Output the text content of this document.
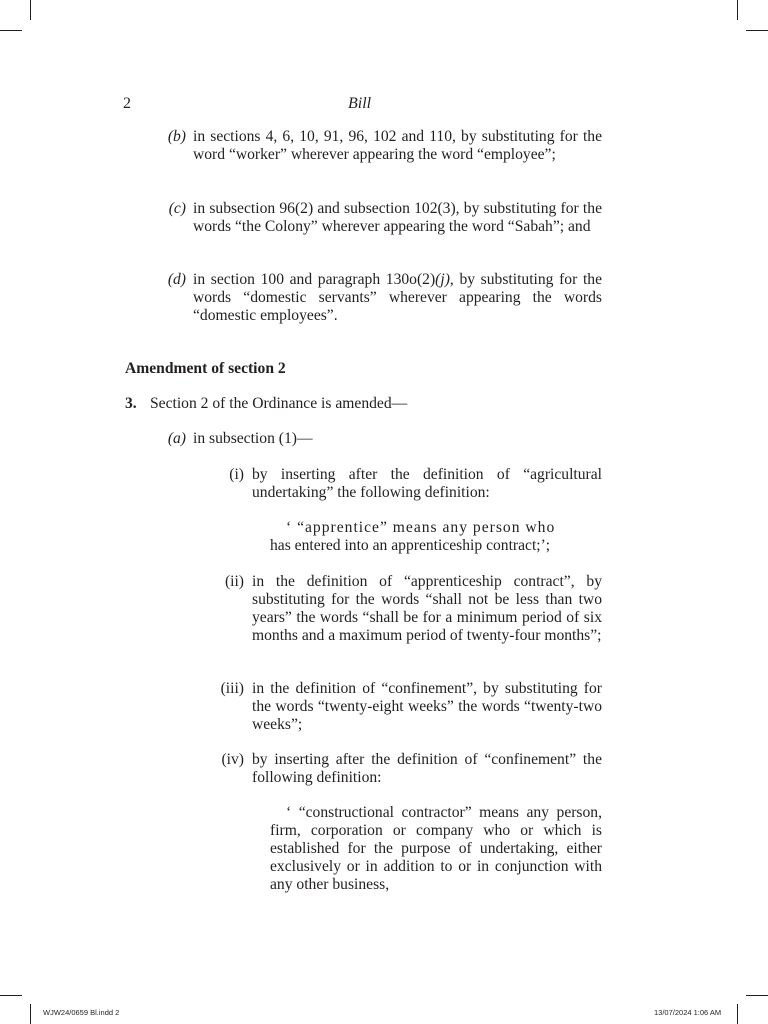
2	Bill
(b) in sections 4, 6, 10, 91, 96, 102 and 110, by substituting for the word “worker” wherever appearing the word “employee”;
(c) in subsection 96(2) and subsection 102(3), by substituting for the words “the Colony” wherever appearing the word “Sabah”; and
(d) in section 100 and paragraph 130o(2)(j), by substituting for the words “domestic servants” wherever appearing the words “domestic employees”.
Amendment of section 2
3. Section 2 of the Ordinance is amended—
(a) in subsection (1)—
(i) by inserting after the definition of “agricultural undertaking” the following definition:
‘ “apprentice” means any person who
has entered into an apprenticeship contract;’;
(ii) in the definition of “apprenticeship contract”, by substituting for the words “shall not be less than two years” the words “shall be for a minimum period of six months and a maximum period of twenty-four months”;
(iii) in the definition of “confinement”, by substituting for the words “twenty-eight weeks” the words “twenty-two weeks”;
(iv) by inserting after the definition of “confinement” the following definition:
‘ “constructional contractor” means any person, firm, corporation or company who or which is established for the purpose of undertaking, either exclusively or in addition to or in conjunction with any other business,
WJW24/0659 Bl.indd 2	13/07/2024 1:06 AM
